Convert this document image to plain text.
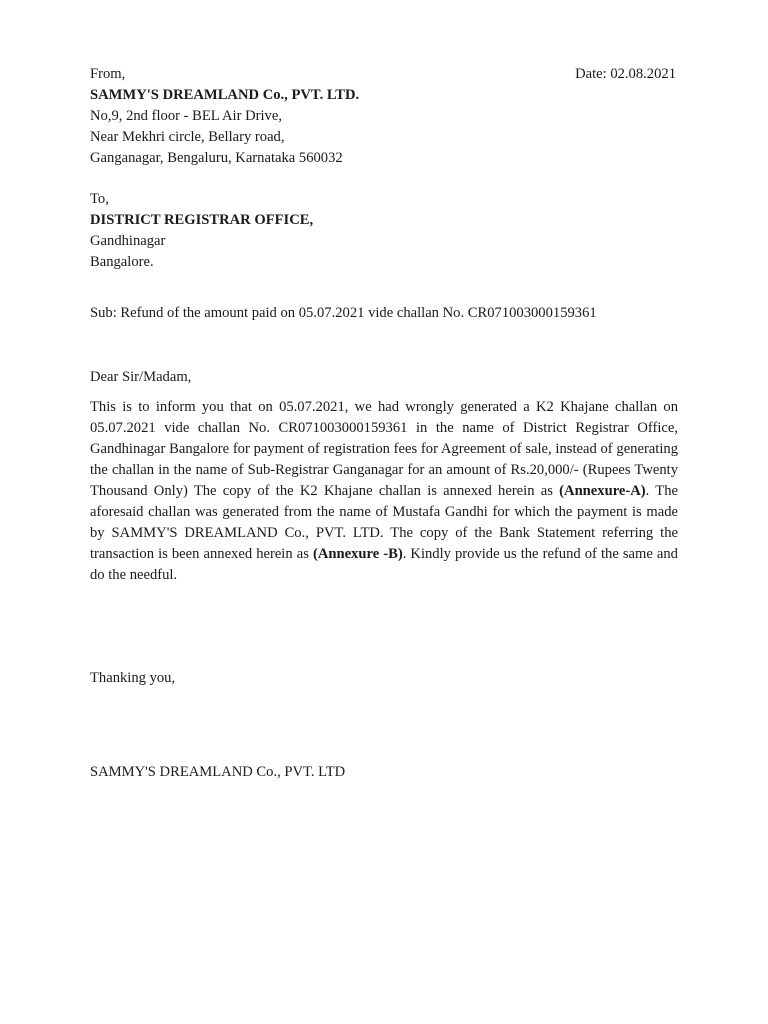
Date: 02.08.2021
From,
SAMMY'S DREAMLAND Co., PVT. LTD.
No,9, 2nd floor - BEL Air Drive,
Near Mekhri circle, Bellary road,
Ganganagar, Bengaluru, Karnataka 560032
To,
DISTRICT REGISTRAR OFFICE,
Gandhinagar
Bangalore.
Sub: Refund of the amount paid on 05.07.2021 vide challan No. CR071003000159361
Dear Sir/Madam,
This is to inform you that on 05.07.2021, we had wrongly generated a K2 Khajane challan on 05.07.2021 vide challan No. CR071003000159361 in the name of District Registrar Office, Gandhinagar Bangalore for payment of registration fees for Agreement of sale, instead of generating the challan in the name of Sub-Registrar Ganganagar for an amount of Rs.20,000/- (Rupees Twenty Thousand Only) The copy of the K2 Khajane challan is annexed herein as (Annexure-A). The aforesaid challan was generated from the name of Mustafa Gandhi for which the payment is made by SAMMY'S DREAMLAND Co., PVT. LTD. The copy of the Bank Statement referring the transaction is been annexed herein as (Annexure -B). Kindly provide us the refund of the same and do the needful.
Thanking you,
SAMMY'S DREAMLAND Co., PVT. LTD
